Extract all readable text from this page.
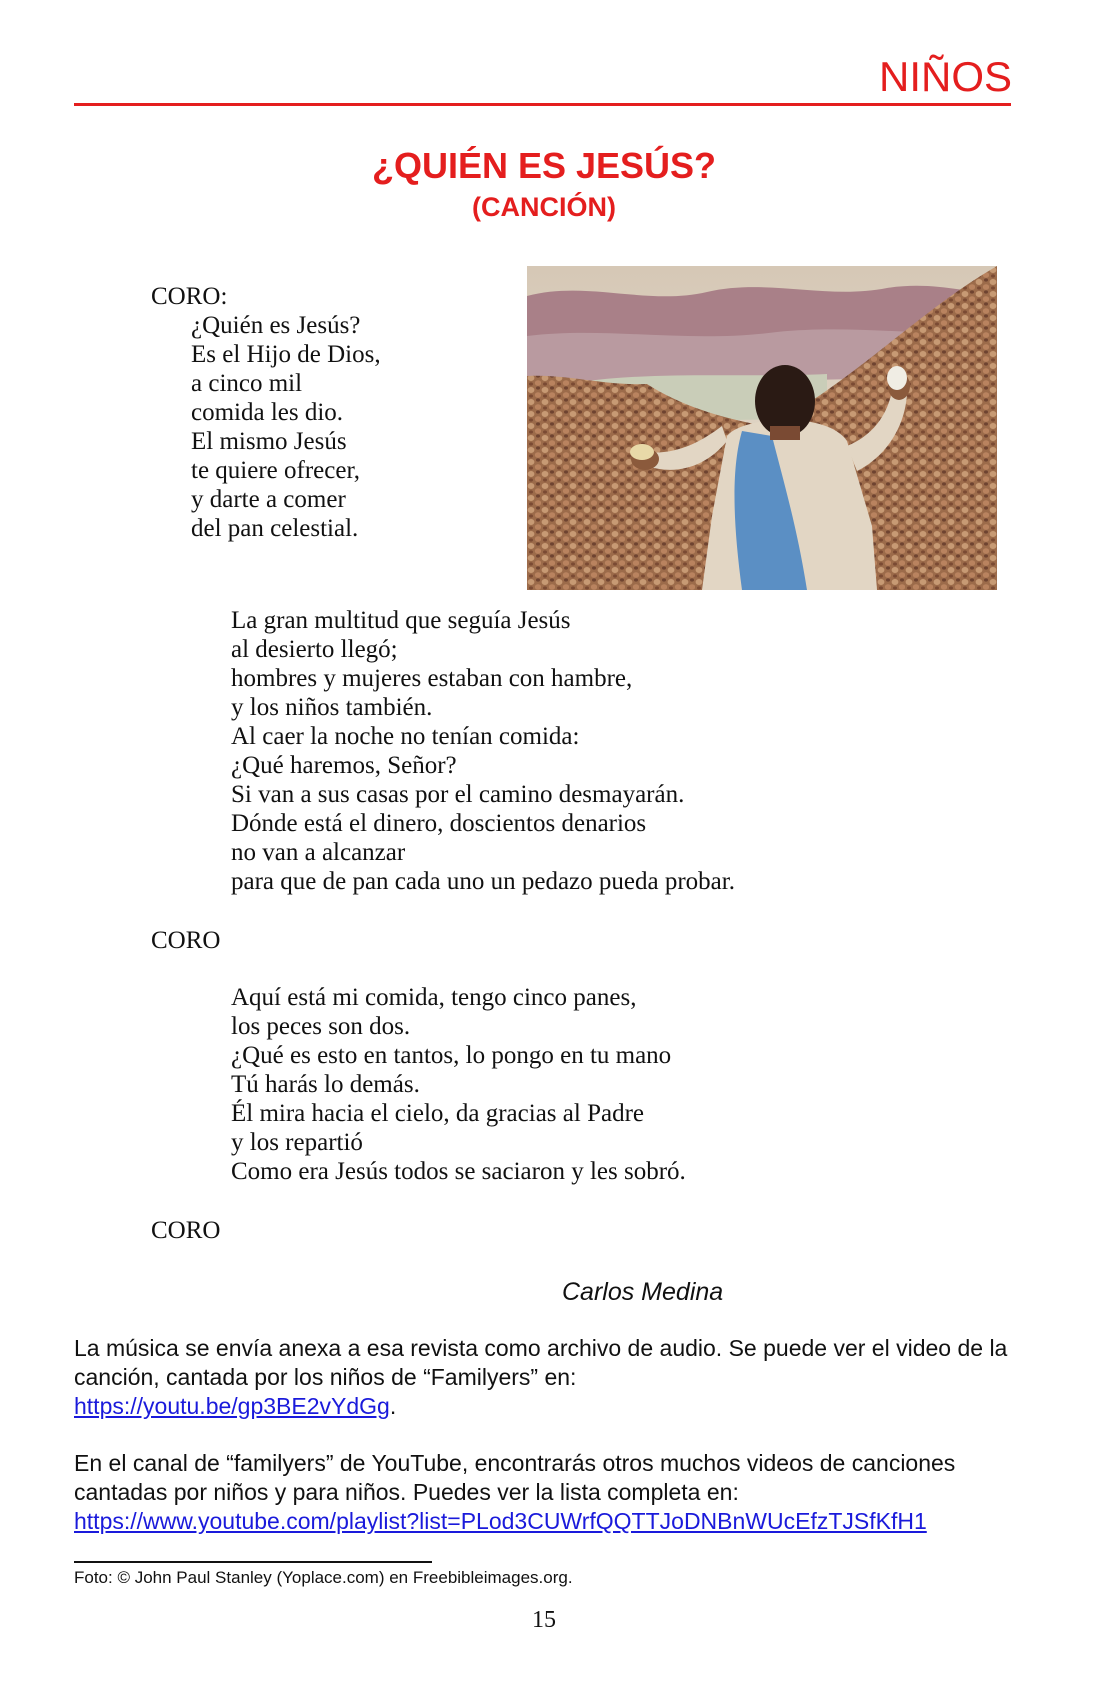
NIÑOS
¿QUIÉN ES JESÚS?
(CANCIÓN)
CORO:
¿Quién es Jesús?
Es el Hijo de Dios,
a cinco mil
comida les dio.
El mismo Jesús
te quiere ofrecer,
y darte a comer
del pan celestial.
La gran multitud que seguía Jesús
al desierto llegó;
hombres y mujeres estaban con hambre,
y los niños también.
Al caer la noche no tenían comida:
¿Qué haremos, Señor?
Si van a sus casas por el camino desmayarán.
Dónde está el dinero, doscientos denarios
no van a alcanzar
para que de pan cada uno un pedazo pueda probar.
CORO
Aquí está mi comida, tengo cinco panes,
los peces son dos.
¿Qué es esto en tantos, lo pongo en tu mano
Tú harás lo demás.
Él mira hacia el cielo, da gracias al Padre
y los repartió
Como era Jesús todos se saciaron y les sobró.
CORO
Carlos Medina
La música se envía anexa a esa revista como archivo de audio. Se puede ver el video de la canción, cantada por los niños de “Familyers” en:
https://youtu.be/gp3BE2vYdGg.
En el canal de “familyers” de YouTube, encontrarás otros muchos videos de canciones cantadas por niños y para niños. Puedes ver la lista completa en:
https://www.youtube.com/playlist?list=PLod3CUWrfQQTTJoDNBnWUcEfzTJSfKfH1
Foto: © John Paul Stanley (Yoplace.com) en Freebibleimages.org.
15
